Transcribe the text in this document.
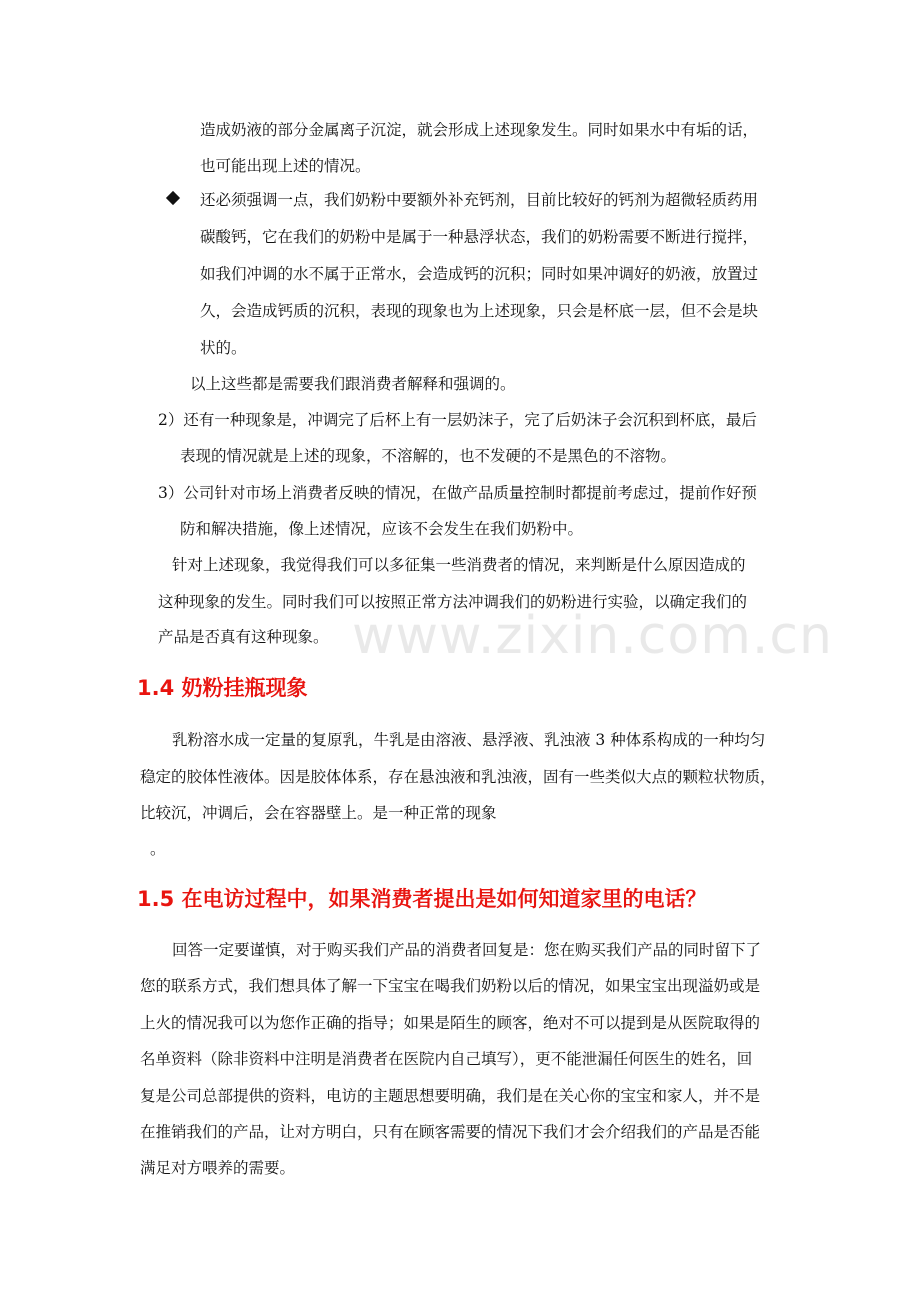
www.zixin.com.cn
造成奶液的部分金属离子沉淀，就会形成上述现象发生。同时如果水中有垢的话，
也可能出现上述的情况。
还必须强调一点，我们奶粉中要额外补充钙剂，目前比较好的钙剂为超微轻质药用
碳酸钙，它在我们的奶粉中是属于一种悬浮状态，我们的奶粉需要不断进行搅拌，
如我们冲调的水不属于正常水，会造成钙的沉积；同时如果冲调好的奶液，放置过
久，会造成钙质的沉积，表现的现象也为上述现象，只会是杯底一层，但不会是块
状的。
以上这些都是需要我们跟消费者解释和强调的。
2）还有一种现象是，冲调完了后杯上有一层奶沫子，完了后奶沫子会沉积到杯底，最后
表现的情况就是上述的现象，不溶解的，也不发硬的不是黑色的不溶物。
3）公司针对市场上消费者反映的情况，在做产品质量控制时都提前考虑过，提前作好预
防和解决措施，像上述情况，应该不会发生在我们奶粉中。
针对上述现象，我觉得我们可以多征集一些消费者的情况，来判断是什么原因造成的
这种现象的发生。同时我们可以按照正常方法冲调我们的奶粉进行实验，以确定我们的
产品是否真有这种现象。
1.4 奶粉挂瓶现象
乳粉溶水成一定量的复原乳，牛乳是由溶液、悬浮液、乳浊液 3 种体系构成的一种均匀
稳定的胶体性液体。因是胶体体系，存在悬浊液和乳浊液，固有一些类似大点的颗粒状物质，
比较沉，冲调后，会在容器壁上。是一种正常的现象
。
1.5 在电访过程中，如果消费者提出是如何知道家里的电话？
回答一定要谨慎，对于购买我们产品的消费者回复是：您在购买我们产品的同时留下了
您的联系方式，我们想具体了解一下宝宝在喝我们奶粉以后的情况，如果宝宝出现溢奶或是
上火的情况我可以为您作正确的指导；如果是陌生的顾客，绝对不可以提到是从医院取得的
名单资料（除非资料中注明是消费者在医院内自己填写），更不能泄漏任何医生的姓名，回
复是公司总部提供的资料，电访的主题思想要明确，我们是在关心你的宝宝和家人，并不是
在推销我们的产品，让对方明白，只有在顾客需要的情况下我们才会介绍我们的产品是否能
满足对方喂养的需要。
